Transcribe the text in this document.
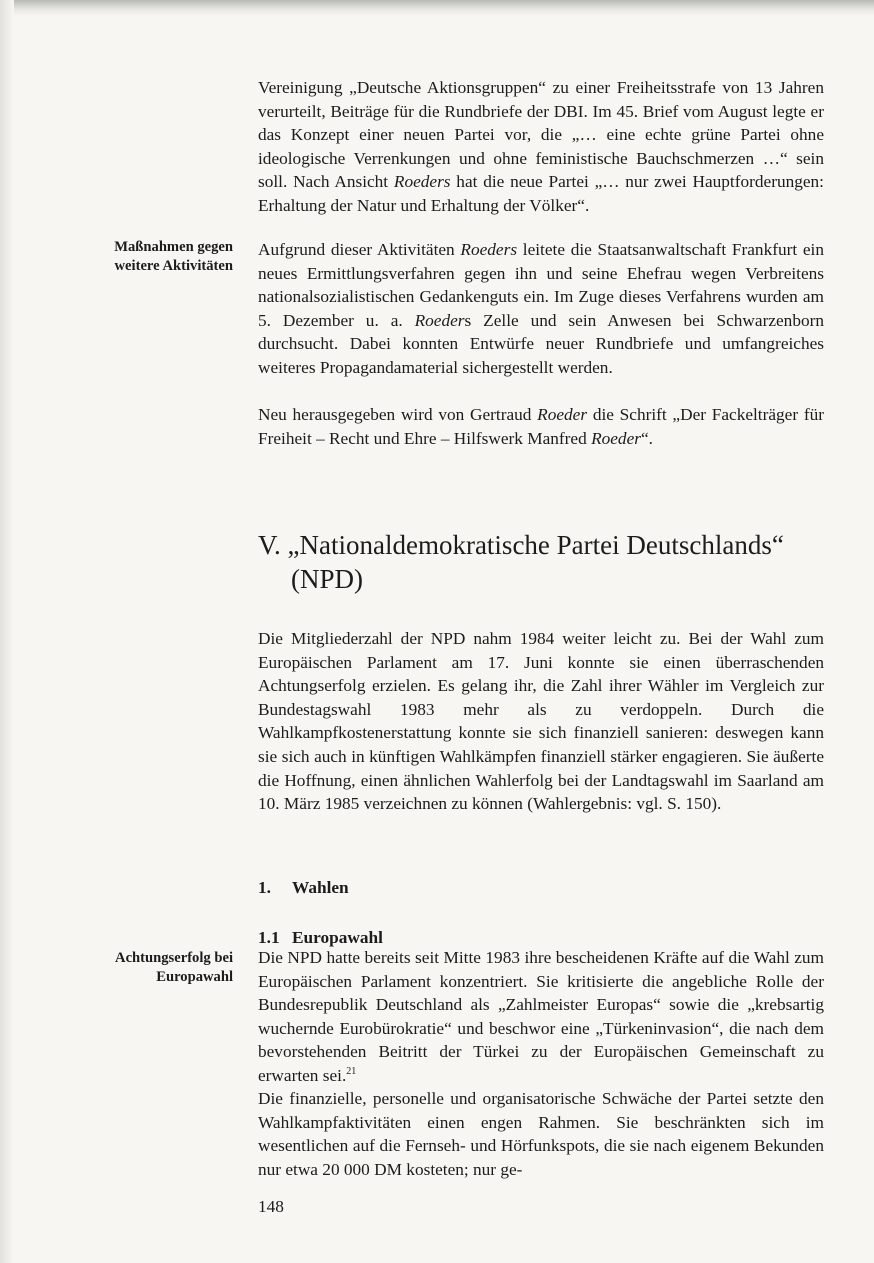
Vereinigung „Deutsche Aktionsgruppen“ zu einer Freiheitsstrafe von 13 Jahren verurteilt, Beiträge für die Rundbriefe der DBI. Im 45. Brief vom August legte er das Konzept einer neuen Partei vor, die „… eine echte grüne Partei ohne ideologische Verrenkungen und ohne feministische Bauchschmerzen …“ sein soll. Nach Ansicht Roeders hat die neue Partei „… nur zwei Hauptforderungen: Erhaltung der Natur und Erhaltung der Völker“.

Maßnahmen gegen
weitere Aktivitäten

Aufgrund dieser Aktivitäten Roeders leitete die Staatsanwaltschaft Frankfurt ein neues Ermittlungsverfahren gegen ihn und seine Ehefrau wegen Verbreitens nationalsozialistischen Gedankenguts ein. Im Zuge dieses Verfahrens wurden am 5. Dezember u. a. Roeders Zelle und sein Anwesen bei Schwarzenborn durchsucht. Dabei konnten Entwürfe neuer Rundbriefe und umfangreiches weiteres Propagandamaterial sichergestellt werden.

Neu herausgegeben wird von Gertraud Roeder die Schrift „Der Fackelträger für Freiheit – Recht und Ehre – Hilfswerk Manfred Roeder“.

V. „Nationaldemokratische Partei Deutschlands“
(NPD)

Die Mitgliederzahl der NPD nahm 1984 weiter leicht zu. Bei der Wahl zum Europäischen Parlament am 17. Juni konnte sie einen überraschenden Achtungserfolg erzielen. Es gelang ihr, die Zahl ihrer Wähler im Vergleich zur Bundestagswahl 1983 mehr als zu verdoppeln. Durch die Wahlkampfkostenerstattung konnte sie sich finanziell sanieren: deswegen kann sie sich auch in künftigen Wahlkämpfen finanziell stärker engagieren. Sie äußerte die Hoffnung, einen ähnlichen Wahlerfolg bei der Landtagswahl im Saarland am 10. März 1985 verzeichnen zu können (Wahlergebnis: vgl. S. 150).

1. Wahlen
1.1 Europawahl
Achtungserfolg bei
Europawahl

Die NPD hatte bereits seit Mitte 1983 ihre bescheidenen Kräfte auf die Wahl zum Europäischen Parlament konzentriert. Sie kritisierte die angebliche Rolle der Bundesrepublik Deutschland als „Zahlmeister Europas“ sowie die „krebsartig wuchernde Eurobürokratie“ und beschwor eine „Türkeninvasion“, die nach dem bevorstehenden Beitritt der Türkei zu der Europäischen Gemeinschaft zu erwarten sei.$^{21}$

Die finanzielle, personelle und organisatorische Schwäche der Partei setzte den Wahlkampfaktivitäten einen engen Rahmen. Sie beschränkten sich im wesentlichen auf die Fernseh- und Hörfunkspots, die sie nach eigenem Bekunden nur etwa 20 000 DM kosteten; nur ge-

148
